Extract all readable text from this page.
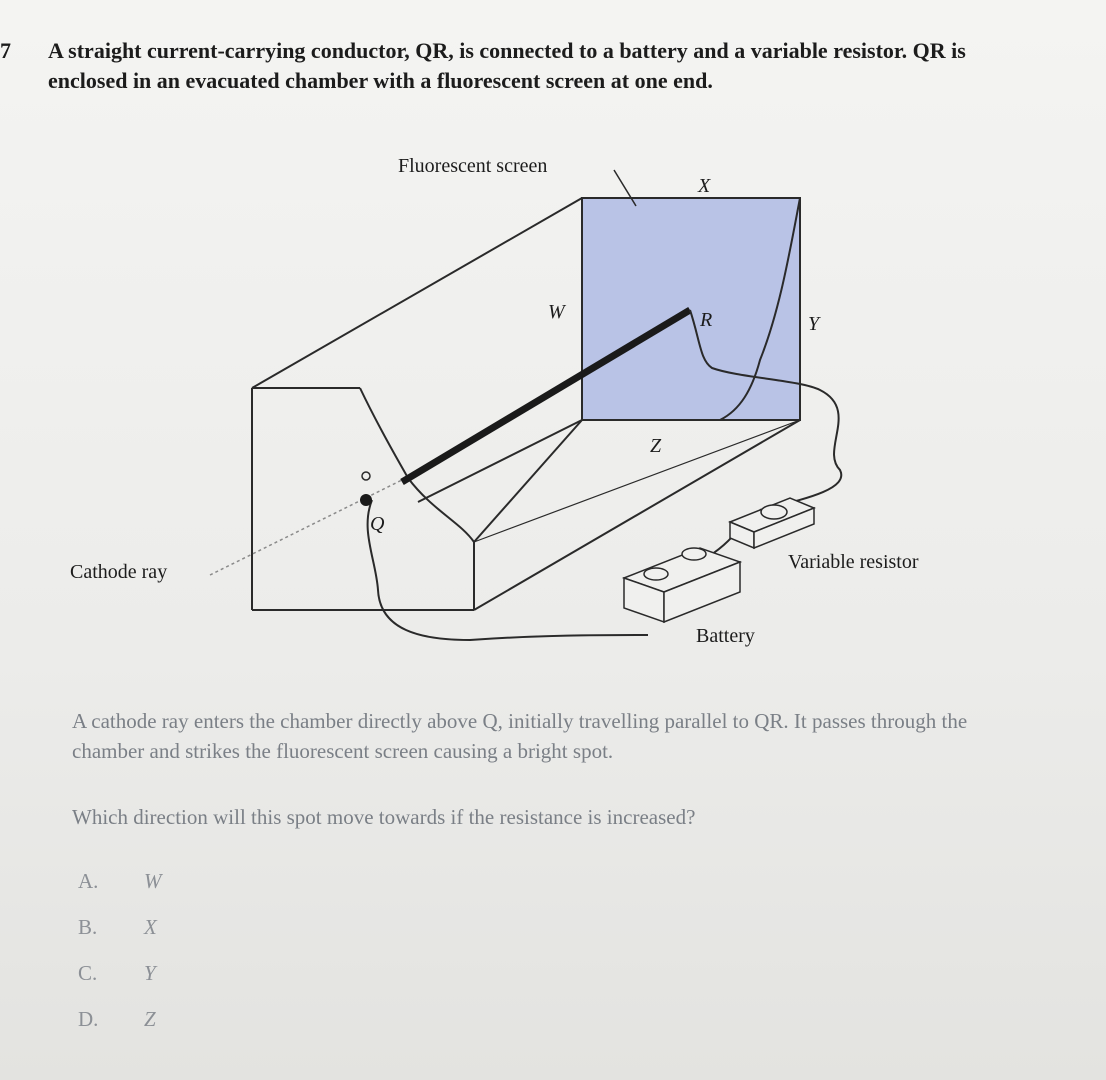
7 A straight current-carrying conductor, QR, is connected to a battery and a variable resistor. QR is enclosed in an evacuated chamber with a fluorescent screen at one end.
Fluorescent screen
X
W	R	Y
Z
Q
Cathode ray	Variable resistor
Battery
A cathode ray enters the chamber directly above Q, initially travelling parallel to QR. It passes through the chamber and strikes the fluorescent screen causing a bright spot.
Which direction will this spot move towards if the resistance is increased?
A.	W
B.	X
C.	Y
D.	Z
